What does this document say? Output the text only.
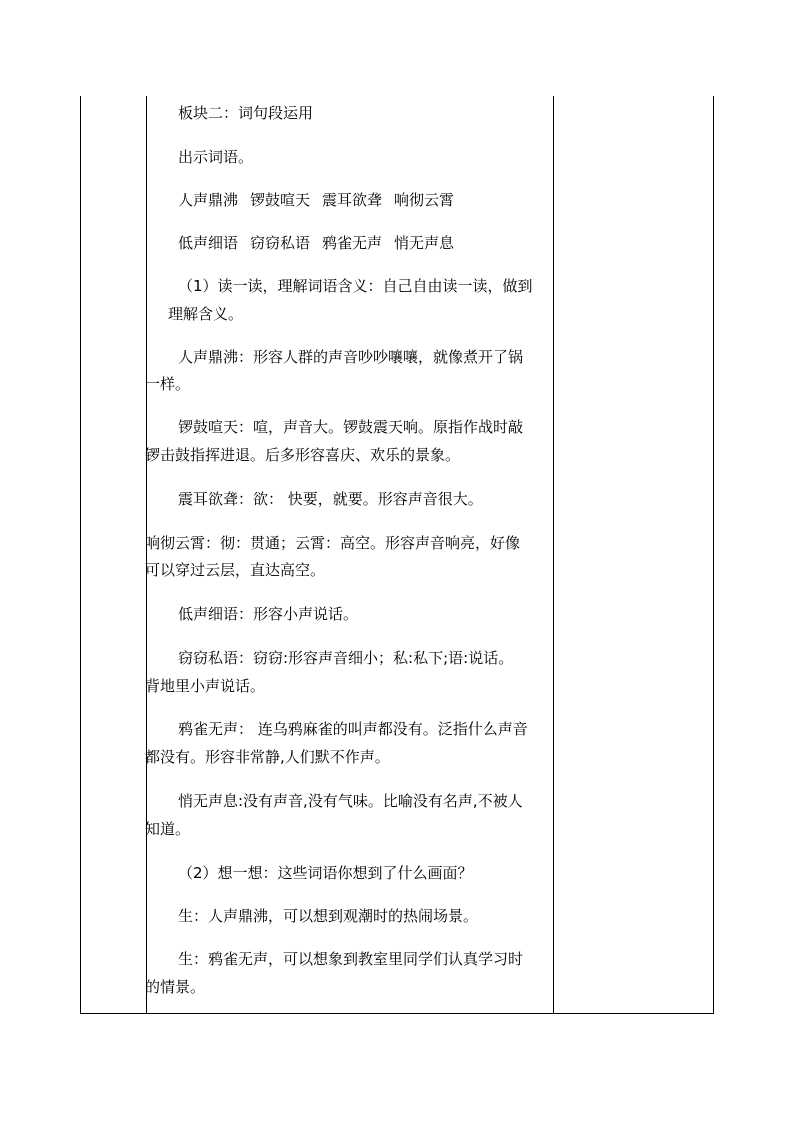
板块二：词句段运用
出示词语。
人声鼎沸 锣鼓喧天 震耳欲聋 响彻云霄
低声细语 窃窃私语 鸦雀无声 悄无声息
（1）读一读，理解词语含义：自己自由读一读，做到
理解含义。
人声鼎沸：形容人群的声音吵吵嚷嚷，就像煮开了锅
一样。
锣鼓喧天：喧，声音大。锣鼓震天响。原指作战时敲
锣击鼓指挥进退。后多形容喜庆、欢乐的景象。
震耳欲聋：欲： 快要，就要。形容声音很大。
响彻云霄：彻：贯通；云霄：高空。形容声音响亮，好像
可以穿过云层，直达高空。
低声细语：形容小声说话。
窃窃私语：窃窃:形容声音细小；私:私下;语:说话。
背地里小声说话。
鸦雀无声： 连乌鸦麻雀的叫声都没有。泛指什么声音
都没有。形容非常静,人们默不作声。
悄无声息:没有声音,没有气味。比喻没有名声,不被人
知道。
（2）想一想：这些词语你想到了什么画面？
生：人声鼎沸，可以想到观潮时的热闹场景。
生：鸦雀无声，可以想象到教室里同学们认真学习时
的情景。
